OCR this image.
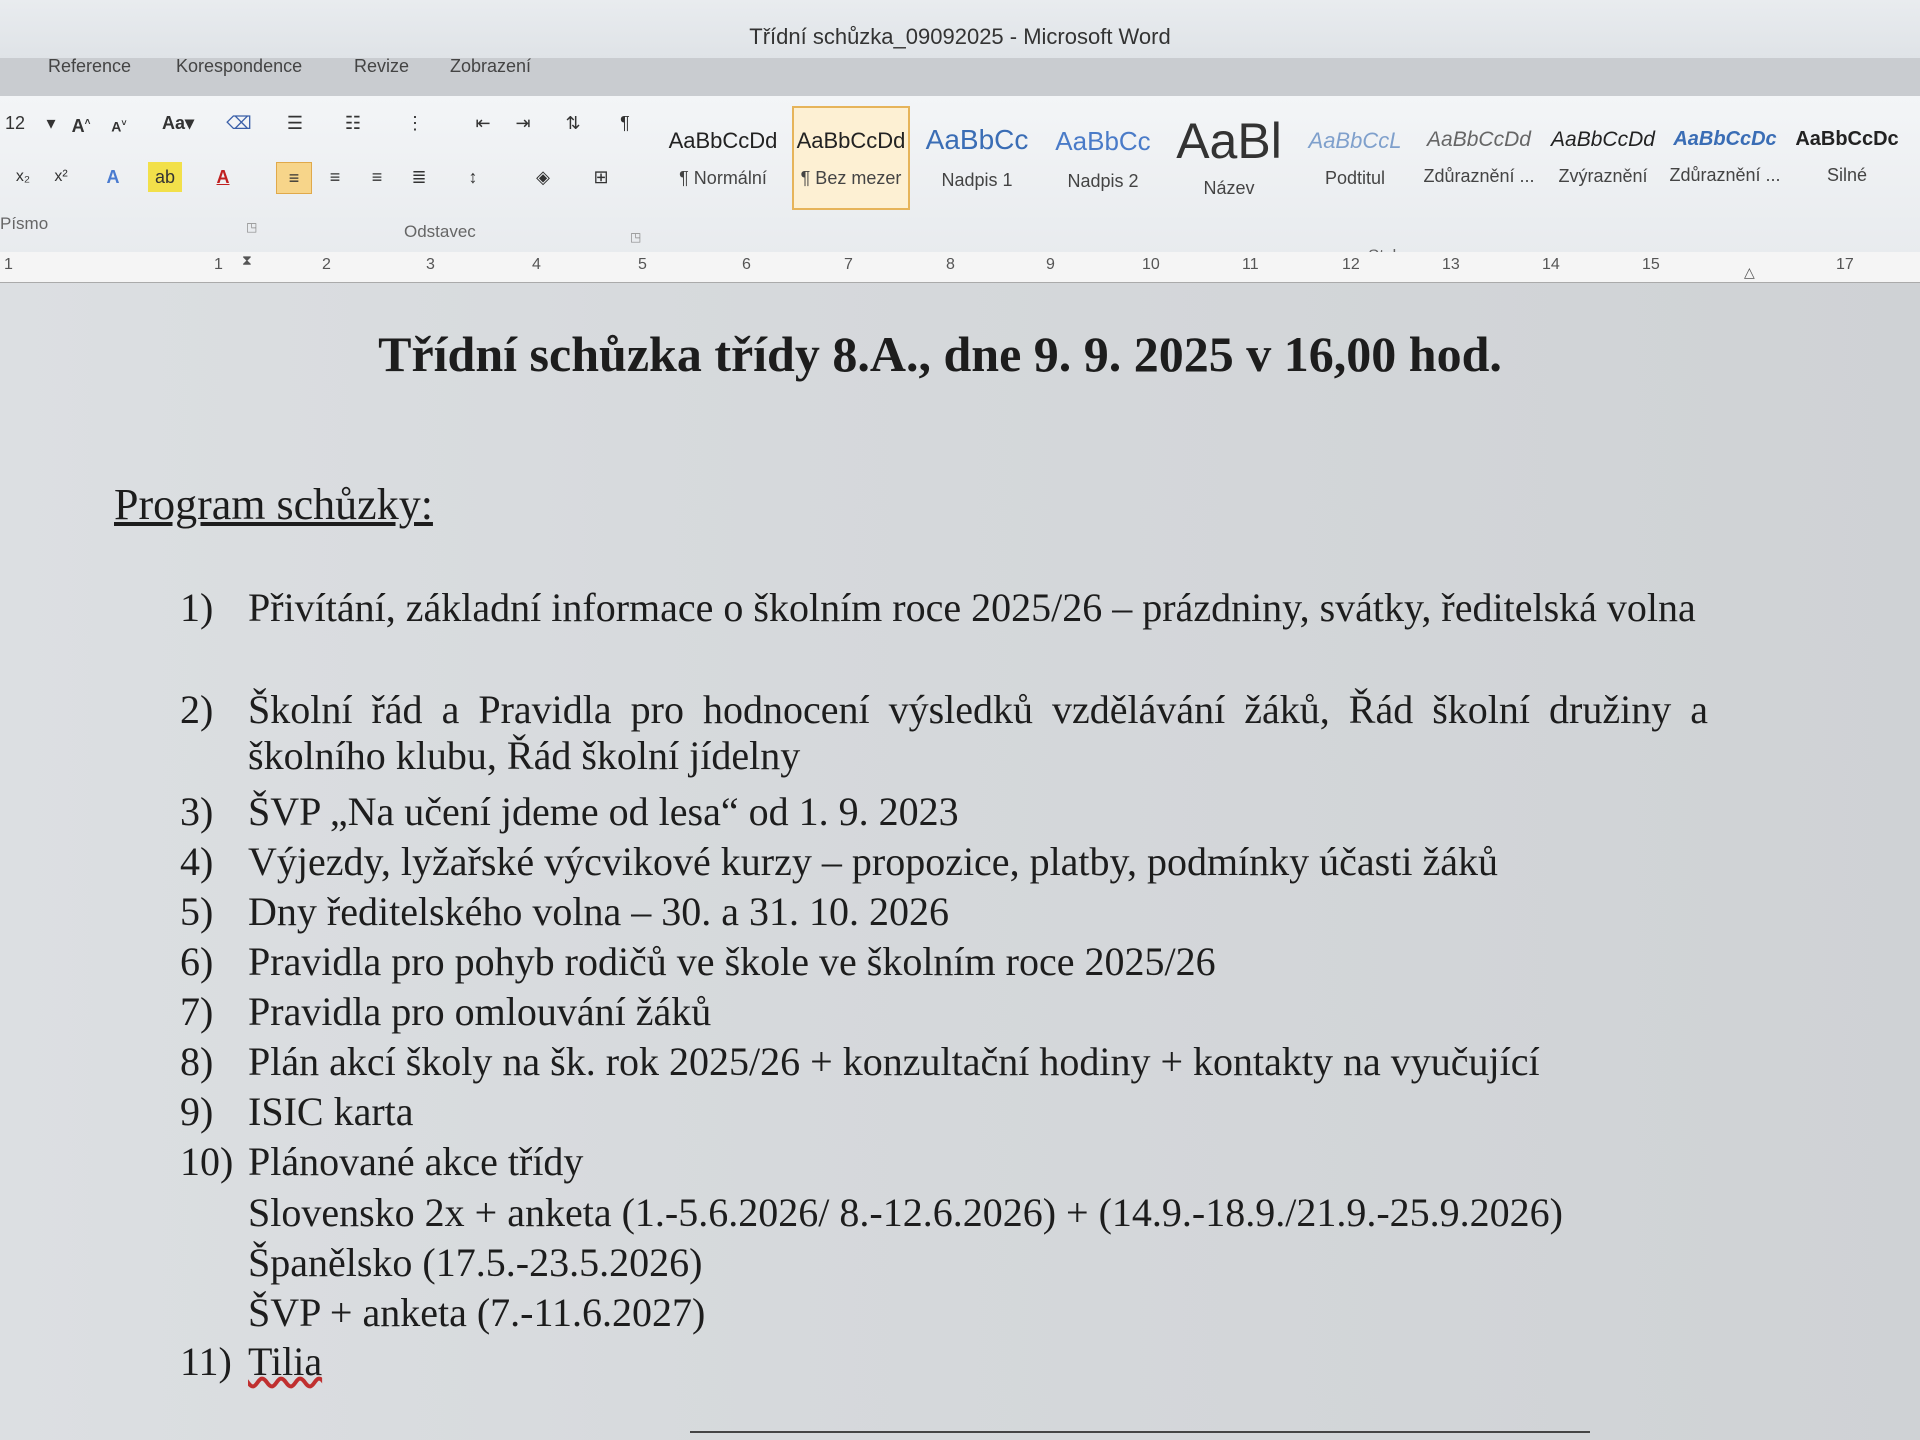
Třídní schůzka_09092025 - Microsoft Word
Reference Korespondence	Revize Zobrazení
12	▾ A˄	A˅	Aa▾	⌫	☰	☷	⋮	⇤	⇥	⇅	¶
x₂	x²	A	ab	A	≡	≡	≡	≣	↕	◈	⊞
Písmo	◳	Odstavec	◳
AaBbCcDd
¶ Normální
AaBbCcDd
¶ Bez mezer
AaBbCc
Nadpis 1
AaBbCc
Nadpis 2
AaBl
Název
AaBbCcL
Podtitul
AaBbCcDd
Zdůraznění ...
AaBbCcDd
Zvýraznění
AaBbCcDc
Zdůraznění ...
AaBbCcDc
Silné
1	1	2	3	4	5	6	7	8	9	10	11	12	13	14	15	17
⧗
△
Třídní schůzka třídy 8.A., dne 9. 9. 2025 v 16,00 hod.
Program schůzky:
1) Přivítání, základní informace o školním roce 2025/26 – prázdniny, svátky, ředitelská volna
2) Školní řád a Pravidla pro hodnocení výsledků vzdělávání žáků, Řád školní družiny a školního klubu, Řád školní jídelny
3) ŠVP „Na učení jdeme od lesa“ od 1. 9. 2023
4) Výjezdy, lyžařské výcvikové kurzy – propozice, platby, podmínky účasti žáků
5) Dny ředitelského volna – 30. a 31. 10. 2026
6) Pravidla pro pohyb rodičů ve škole ve školním roce 2025/26
7) Pravidla pro omlouvání žáků
8) Plán akcí školy na šk. rok 2025/26 + konzultační hodiny + kontakty na vyučující
9) ISIC karta
10) Plánované akce třídy
Slovensko 2x + anketa (1.-5.6.2026/ 8.-12.6.2026) + (14.9.-18.9./21.9.-25.9.2026)
Španělsko (17.5.-23.5.2026)
ŠVP + anketa (7.-11.6.2027)
11) Tilia
